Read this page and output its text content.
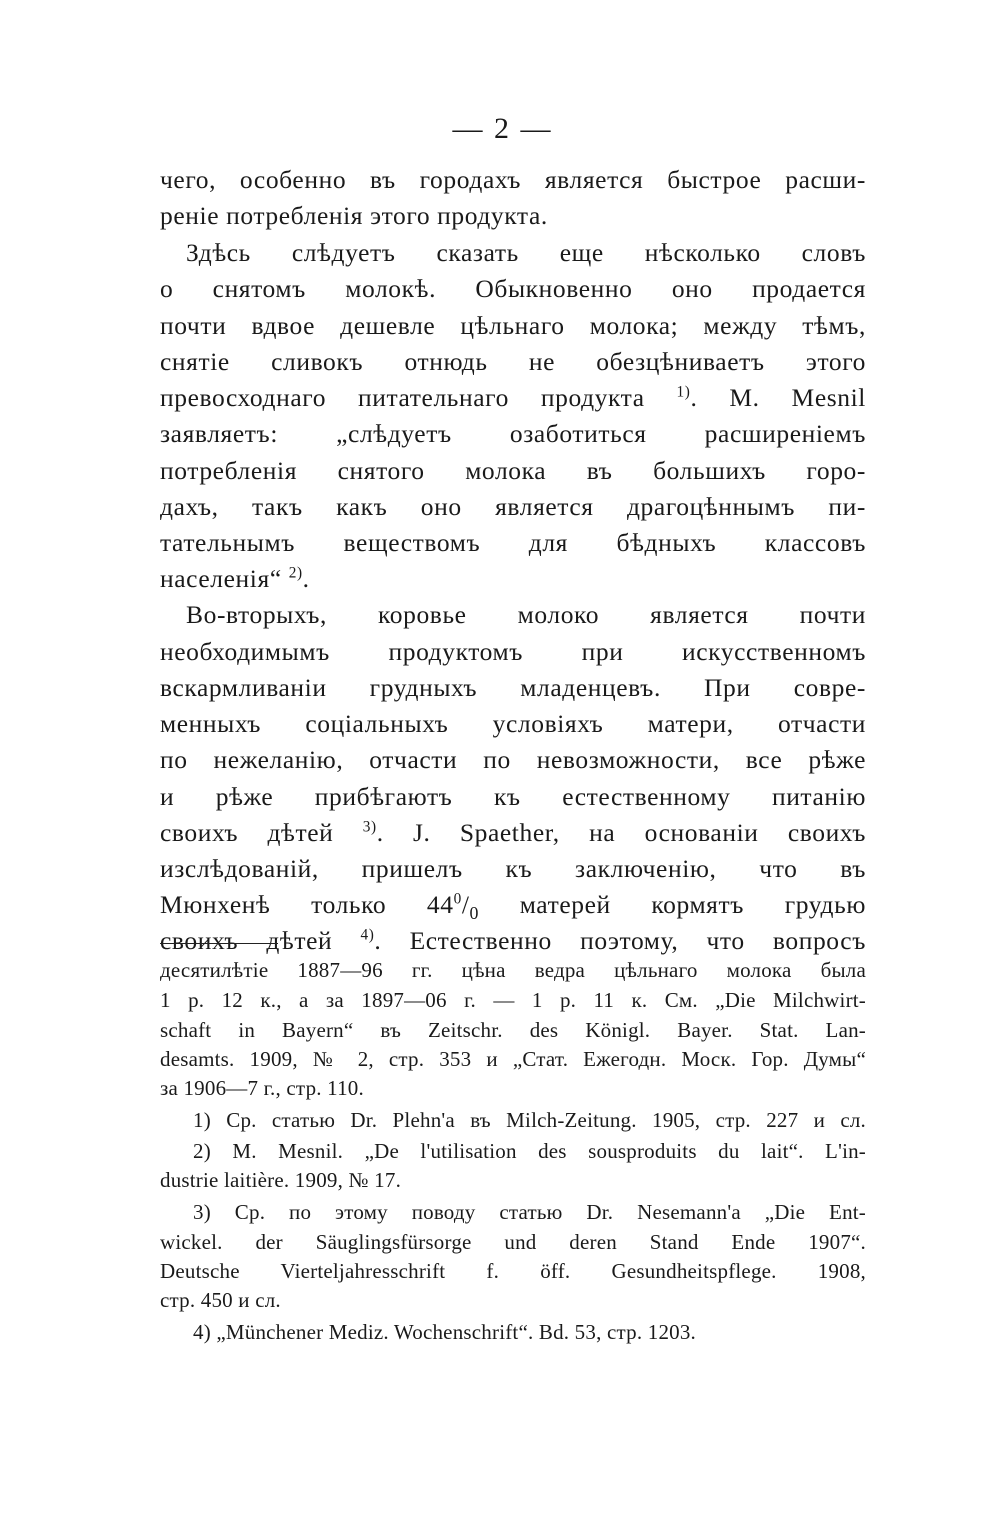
— 2 —
чего, особенно въ городахъ является быстрое расши-
реніе потребленія этого продукта.
Здѣсь слѣдуетъ сказать еще нѣсколько словъ
о снятомъ молокѣ. Обыкновенно оно продается
почти вдвое дешевле цѣльнаго молока; между тѣмъ,
снятіе сливокъ отнюдь не обезцѣниваетъ этого
превосходнаго питательнаго продукта $^{1)}$. M. Mesnil
заявляетъ: „слѣдуетъ озаботиться расширеніемъ
потребленія снятого молока въ большихъ горо-
дахъ, такъ какъ оно является драгоцѣннымъ пи-
тательнымъ веществомъ для бѣдныхъ классовъ
населенія“ $^{2)}$.
Во-вторыхъ, коровье молоко является почти
необходимымъ продуктомъ при искусственномъ
вскармливаніи грудныхъ младенцевъ. При совре-
менныхъ соціальныхъ условіяхъ матери, отчасти
по нежеланію, отчасти по невозможности, все рѣже
и рѣже прибѣгаютъ къ естественному питанію
своихъ дѣтей $^{3)}$. J. Spaether, на основаніи своихъ
изслѣдованій, пришелъ къ заключенію, что въ
Мюнхенѣ только $44^0/_0$ матерей кормятъ грудью
своихъ дѣтей $^{4)}$. Естественно поэтому, что вопросъ
десятилѣтіе 1887—96 гг. цѣна ведра цѣльнаго молока была
1 р. 12 к., а за 1897—06 г. — 1 р. 11 к. См. „Die Milchwirt-
schaft in Bayern“ въ Zeitschr. des Königl. Bayer. Stat. Lan-
desamts. 1909, № 2, стр. 353 и „Стат. Ежегодн. Моск. Гор. Думы“
за 1906—7 г., стр. 110.
1) Ср. статью Dr. Plehn'а въ Milch-Zeitung. 1905, стр. 227 и сл.
2) M. Mesnil. „De l'utilisation des sousproduits du lait“. L'in-
dustrie laitière. 1909, № 17.
3) Ср. по этому поводу статью Dr. Nesemann'а „Die Ent-
wickel. der Säuglingsfürsorge und deren Stand Ende 1907“.
Deutsche Vierteljahresschrift f. öff. Gesundheitspflege. 1908,
стр. 450 и сл.
4) „Münchener Mediz. Wochenschrift“. Bd. 53, стр. 1203.
